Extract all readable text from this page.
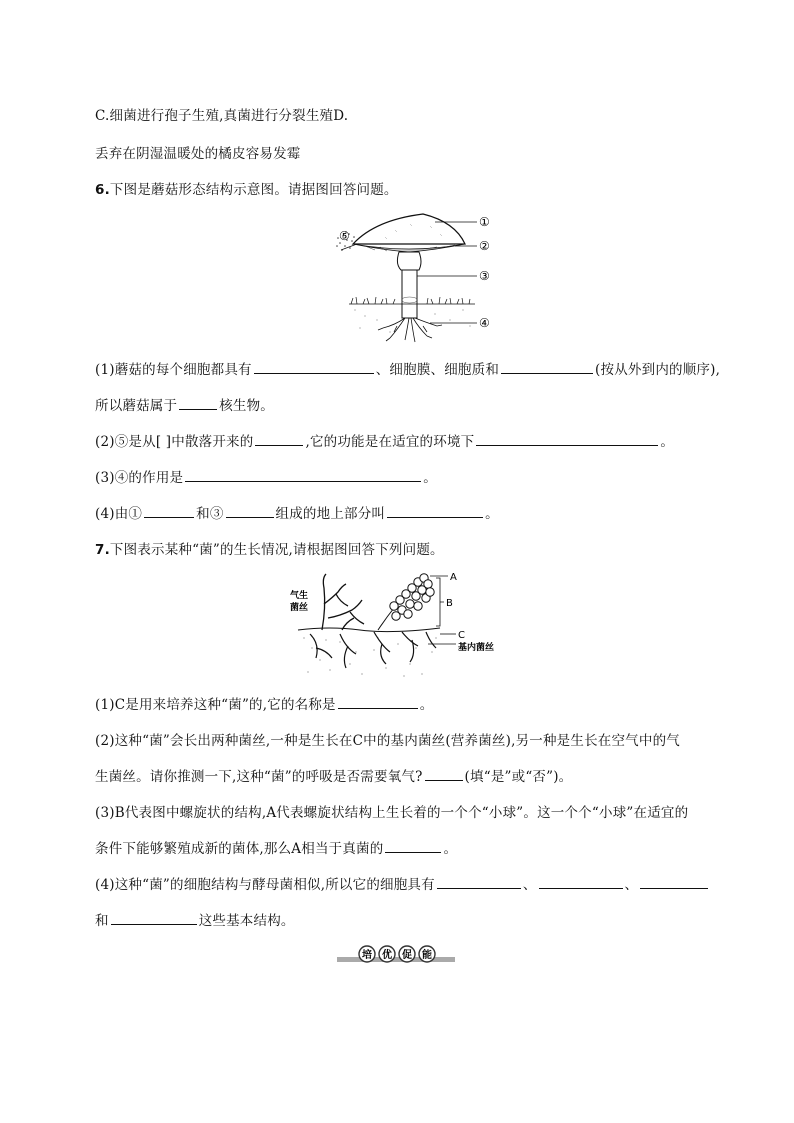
C.细菌进行孢子生殖,真菌进行分裂生殖D.
丢弃在阴湿温暖处的橘皮容易发霉
6.下图是蘑菇形态结构示意图。请据图回答问题。
①
②
③
④
⑤
(1)蘑菇的每个细胞都具有	、细胞膜、细胞质和	(按从外到内的顺序),
所以蘑菇属于	核生物。
(2)⑤是从[ ]中散落开来的	,它的功能是在适宜的环境下	。
(3)④的作用是	。
(4)由①	和③	组成的地上部分叫	。
7.下图表示某种“菌”的生长情况,请根据图回答下列问题。
A
B
C
基内菌丝
气生
菌丝
(1)C是用来培养这种“菌”的,它的名称是	。
(2)这种“菌”会长出两种菌丝,一种是生长在C中的基内菌丝(营养菌丝),另一种是生长在空气中的气
生菌丝。请你推测一下,这种“菌”的呼吸是否需要氧气?	(填“是”或“否”)。
(3)B代表图中螺旋状的结构,A代表螺旋状结构上生长着的一个个“小球”。这一个个“小球”在适宜的
条件下能够繁殖成新的菌体,那么A相当于真菌的	。
(4)这种“菌”的细胞结构与酵母菌相似,所以它的细胞具有	、	、
和	这些基本结构。
培 优 促 能
